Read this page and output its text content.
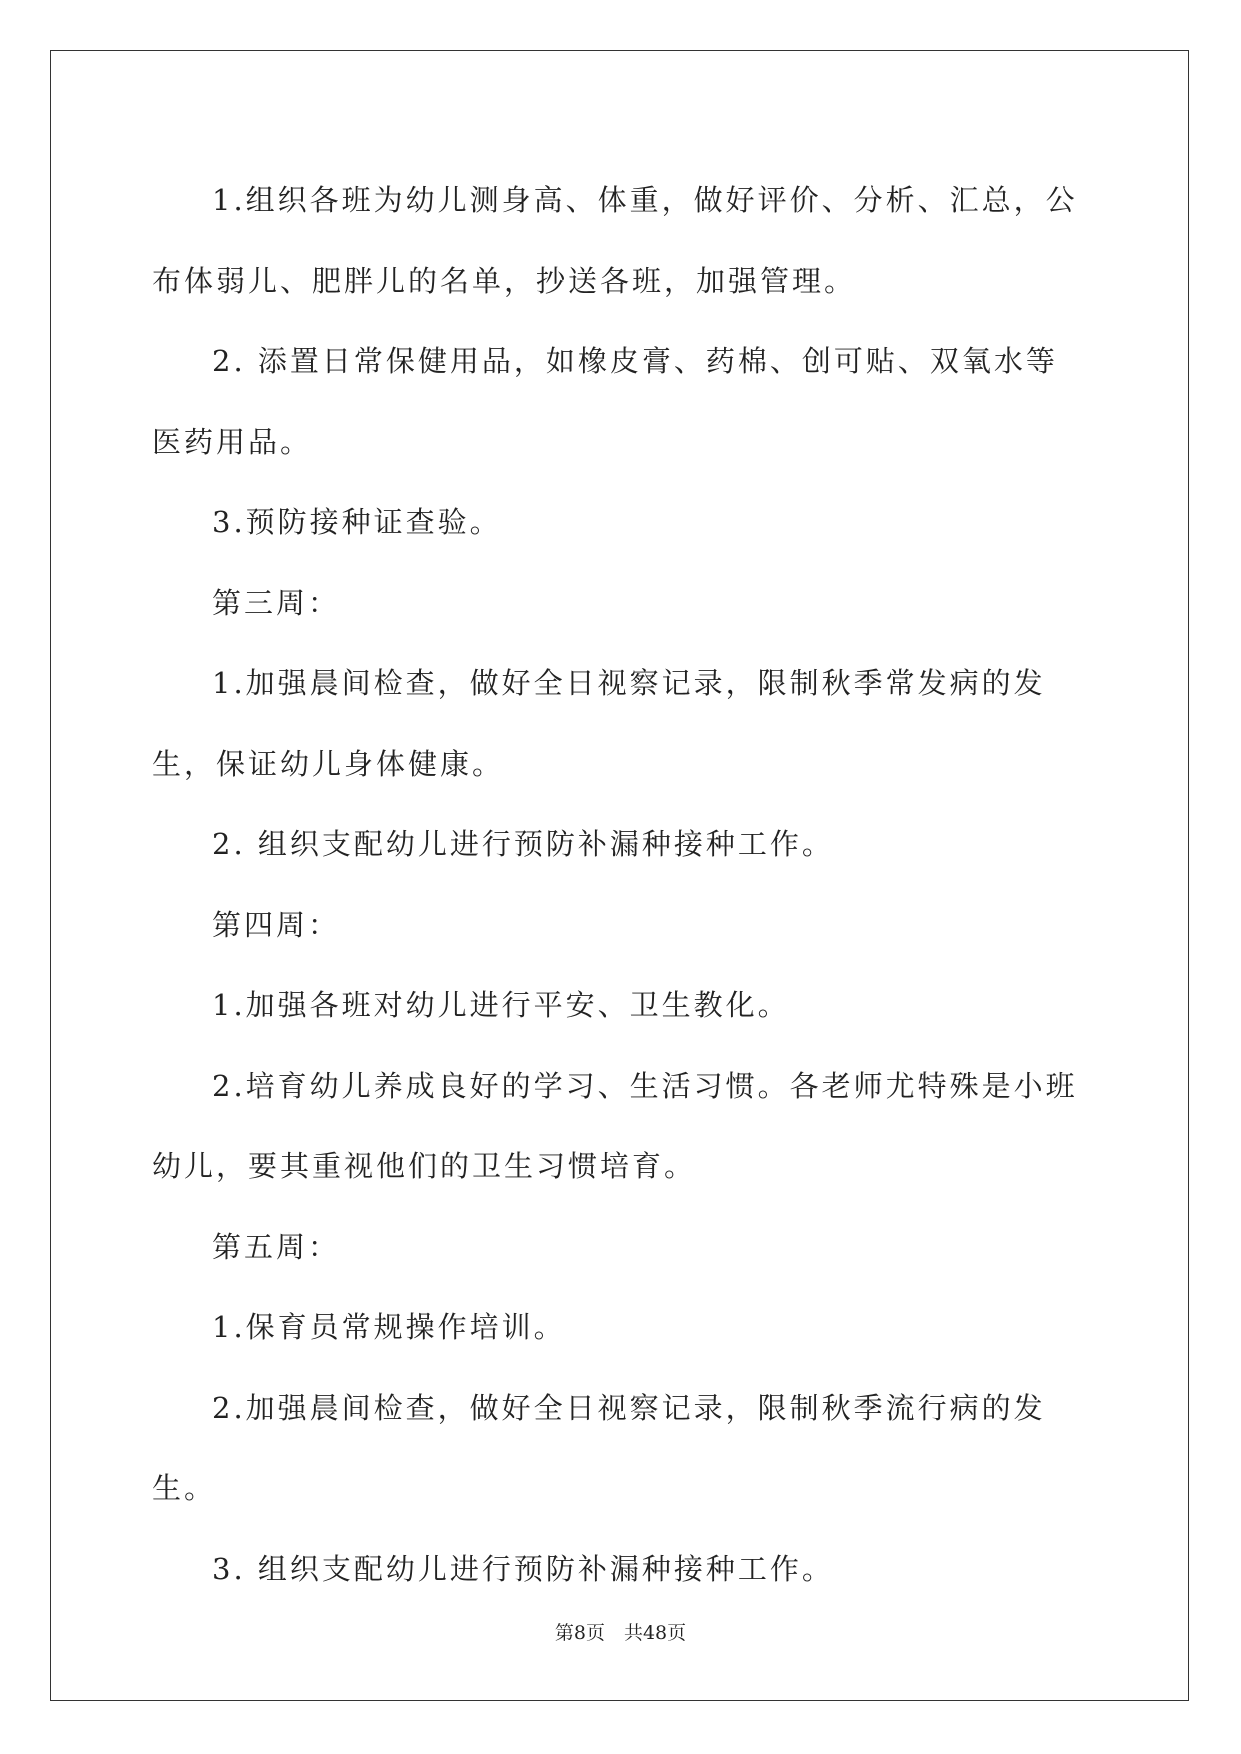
1.组织各班为幼儿测身高、体重，做好评价、分析、汇总，公布体弱儿、肥胖儿的名单，抄送各班，加强管理。

2. 添置日常保健用品，如橡皮膏、药棉、创可贴、双氧水等医药用品。

3.预防接种证查验。

第三周：

1.加强晨间检查，做好全日视察记录，限制秋季常发病的发生，保证幼儿身体健康。

2. 组织支配幼儿进行预防补漏种接种工作。

第四周：

1.加强各班对幼儿进行平安、卫生教化。

2.培育幼儿养成良好的学习、生活习惯。各老师尤特殊是小班幼儿，要其重视他们的卫生习惯培育。

第五周：

1.保育员常规操作培训。

2.加强晨间检查，做好全日视察记录，限制秋季流行病的发生。

3. 组织支配幼儿进行预防补漏种接种工作。

第8页　共48页
